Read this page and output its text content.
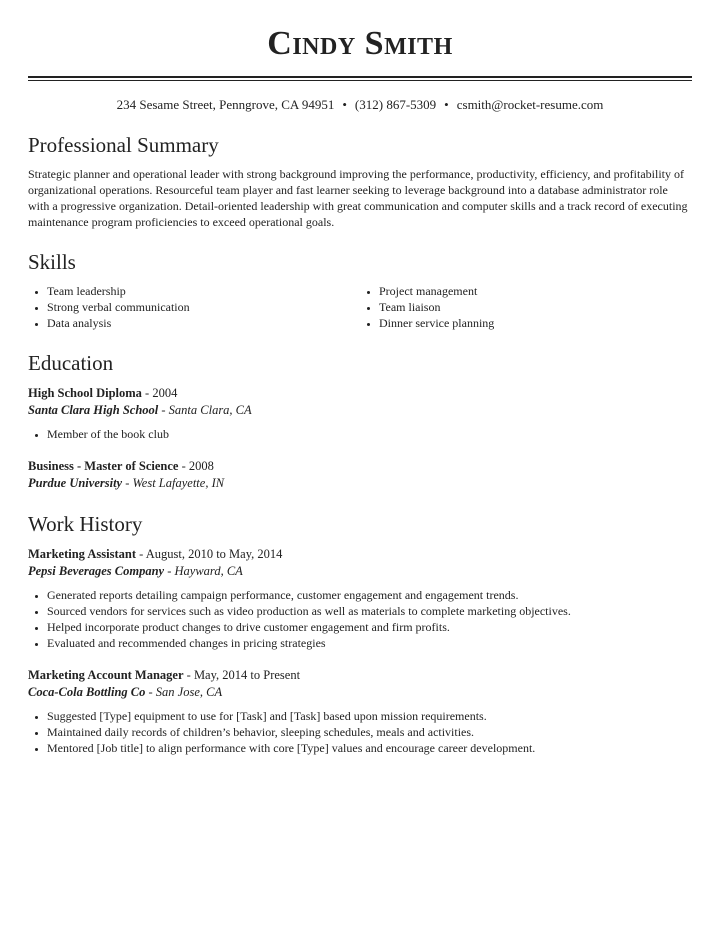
Cindy Smith
234 Sesame Street, Penngrove, CA 94951 • (312) 867-5309 • csmith@rocket-resume.com
Professional Summary

Strategic planner and operational leader with strong background improving the performance, productivity, efficiency, and profitability of organizational operations. Resourceful team player and fast learner seeking to leverage background into a database administrator role with a progressive organization. Detail-oriented leadership with great communication and computer skills and a track record of executing maintenance program proficiencies to exceed operational goals.

Skills
• Team leadership
• Strong verbal communication
• Data analysis
• Project management
• Team liaison
• Dinner service planning
Education

High School Diploma - 2004

Santa Clara High School - Santa Clara, CA

• Member of the book club

Business - Master of Science - 2008

Purdue University - West Lafayette, IN

Work History

Marketing Assistant - August, 2010 to May, 2014

Pepsi Beverages Company - Hayward, CA

• Generated reports detailing campaign performance, customer engagement and engagement trends.
• Sourced vendors for services such as video production as well as materials to complete marketing objectives.
• Helped incorporate product changes to drive customer engagement and firm profits.
• Evaluated and recommended changes in pricing strategies

Marketing Account Manager - May, 2014 to Present

Coca-Cola Bottling Co - San Jose, CA

• Suggested [Type] equipment to use for [Task] and [Task] based upon mission requirements.
• Maintained daily records of children’s behavior, sleeping schedules, meals and activities.
• Mentored [Job title] to align performance with core [Type] values and encourage career development.
